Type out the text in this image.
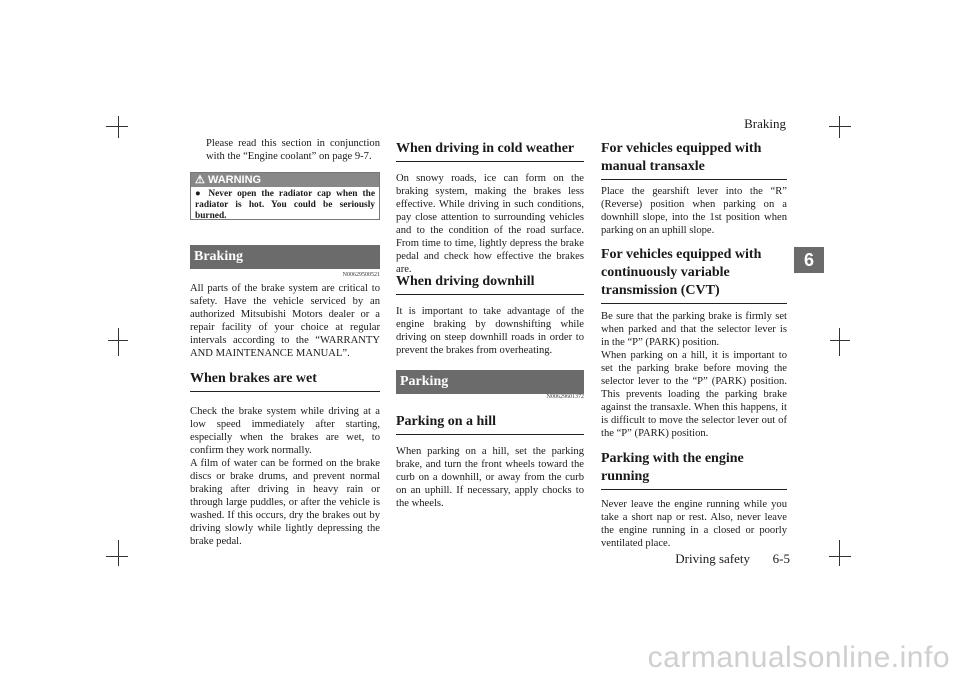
Braking
Driving safety	6-5
6

Please read this section in conjunction with the “Engine coolant” on page 9-7.

⚠ WARNING
● Never open the radiator cap when the radiator is hot. You could be seriously burned.
Braking
N00629500521

All parts of the brake system are critical to safety. Have the vehicle serviced by an authorized Mitsubishi Motors dealer or a repair facility of your choice at regular intervals according to the “WARRANTY AND MAINTENANCE MANUAL”.

When brakes are wet

Check the brake system while driving at a low speed immediately after starting, especially when the brakes are wet, to confirm they work normally.

A film of water can be formed on the brake discs or brake drums, and prevent normal braking after driving in heavy rain or through large puddles, or after the vehicle is washed. If this occurs, dry the brakes out by driving slowly while lightly depressing the brake pedal.

When driving in cold weather

On snowy roads, ice can form on the braking system, making the brakes less effective. While driving in such conditions, pay close attention to surrounding vehicles and to the condition of the road surface. From time to time, lightly depress the brake pedal and check how effective the brakes are.

When driving downhill

It is important to take advantage of the engine braking by downshifting while driving on steep downhill roads in order to prevent the brakes from overheating.

Parking
N00629601372
Parking on a hill

When parking on a hill, set the parking brake, and turn the front wheels toward the curb on a downhill, or away from the curb on an uphill. If necessary, apply chocks to the wheels.

For vehicles equipped with manual transaxle

Place the gearshift lever into the “R” (Reverse) position when parking on a downhill slope, into the 1st position when parking on an uphill slope.

For vehicles equipped with continuously variable transmission (CVT)

Be sure that the parking brake is firmly set when parked and that the selector lever is in the “P” (PARK) position.

When parking on a hill, it is important to set the parking brake before moving the selector lever to the “P” (PARK) position. This prevents loading the parking brake against the transaxle. When this happens, it is difficult to move the selector lever out of the “P” (PARK) position.

Parking with the engine running

Never leave the engine running while you take a short nap or rest. Also, never leave the engine running in a closed or poorly ventilated place.

carmanualsonline.info
